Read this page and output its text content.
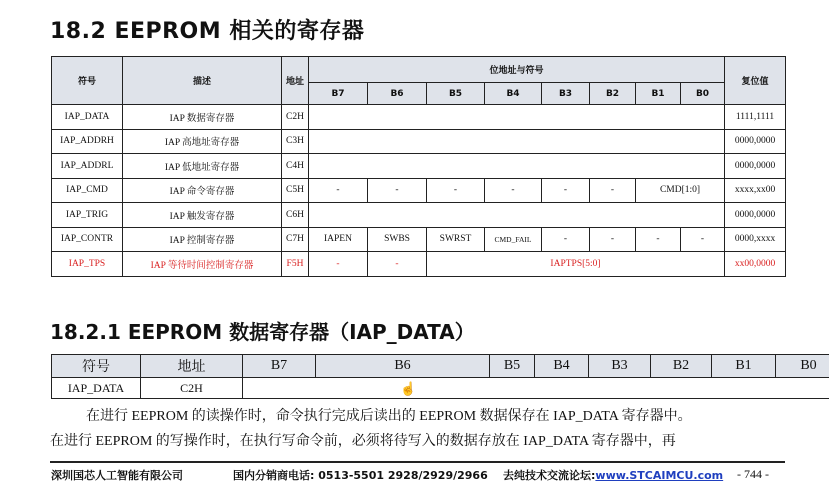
18.2 EEPROM 相关的寄存器
符号	描述	地址	位地址与符号								复位值
			B7	B6	B5	B4	B3	B2	B1	B0	
IAP_DATA	IAP 数据寄存器	C2H									1111,1111
IAP_ADDRH	IAP 高地址寄存器	C3H									0000,0000
IAP_ADDRL	IAP 低地址寄存器	C4H									0000,0000
IAP_CMD	IAP 命令寄存器	C5H	-	-	-	-	-	-	CMD[1:0]		xxxx,xx00
IAP_TRIG	IAP 触发寄存器	C6H									0000,0000
IAP_CONTR	IAP 控制寄存器	C7H	IAPEN	SWBS	SWRST	CMD_FAIL	-	-	-	-	0000,xxxx
IAP_TPS	IAP 等待时间控制寄存器	F5H	-	-	IAPTPS[5:0]						xx00,0000
18.2.1 EEPROM 数据寄存器（IAP_DATA）
符号	地址	B7	B6	B5	B4	B3	B2	B1	B0
IAP_DATA	C2H									☝
在进行 EEPROM 的读操作时，命令执行完成后读出的 EEPROM 数据保存在 IAP_DATA 寄存器中。
在进行 EEPROM 的写操作时，在执行写命令前，必须将待写入的数据存放在 IAP_DATA 寄存器中，再
深圳国芯人工智能有限公司	国内分销商电话: 0513-5501 2928/2929/2966 去纯技术交流论坛:www.STCAIMCU.com - 744 -
